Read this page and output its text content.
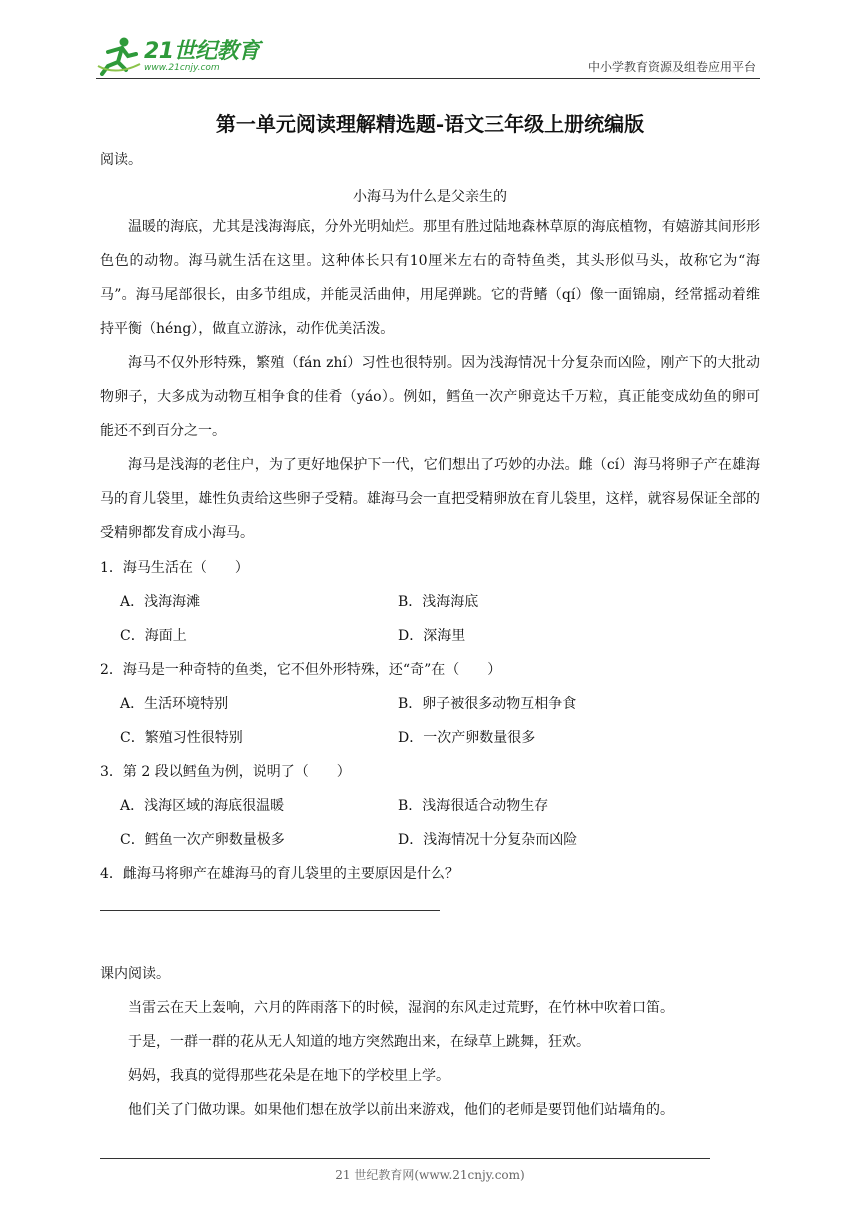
21世纪教育
www.21cnjy.com	中小学教育资源及组卷应用平台
第一单元阅读理解精选题-语文三年级上册统编版
阅读。
小海马为什么是父亲生的
温暖的海底，尤其是浅海海底，分外光明灿烂。那里有胜过陆地森林草原的海底植物，有嬉游其间形形色色的动物。海马就生活在这里。这种体长只有10厘米左右的奇特鱼类，其头形似马头，故称它为“海马”。海马尾部很长，由多节组成，并能灵活曲伸，用尾弹跳。它的背鳍（qí）像一面锦扇，经常摇动着维持平衡（héng），做直立游泳，动作优美活泼。
海马不仅外形特殊，繁殖（fán zhí）习性也很特别。因为浅海情况十分复杂而凶险，刚产下的大批动物卵子，大多成为动物互相争食的佳肴（yáo）。例如，鳕鱼一次产卵竟达千万粒，真正能变成幼鱼的卵可能还不到百分之一。
海马是浅海的老住户，为了更好地保护下一代，它们想出了巧妙的办法。雌（cí）海马将卵子产在雄海马的育儿袋里，雄性负责给这些卵子受精。雄海马会一直把受精卵放在育儿袋里，这样，就容易保证全部的受精卵都发育成小海马。
1．海马生活在（　　）
A．浅海海滩	B．浅海海底
C．海面上	D．深海里
2．海马是一种奇特的鱼类，它不但外形特殊，还“奇”在（　　）
A．生活环境特别	B．卵子被很多动物互相争食
C．繁殖习性很特别	D．一次产卵数量很多
3．第 2 段以鳕鱼为例，说明了（　　）
A．浅海区域的海底很温暖	B．浅海很适合动物生存
C．鳕鱼一次产卵数量极多	D．浅海情况十分复杂而凶险
4．雌海马将卵产在雄海马的育儿袋里的主要原因是什么？
课内阅读。
当雷云在天上轰响，六月的阵雨落下的时候，湿润的东风走过荒野，在竹林中吹着口笛。
于是，一群一群的花从无人知道的地方突然跑出来，在绿草上跳舞，狂欢。
妈妈，我真的觉得那些花朵是在地下的学校里上学。
他们关了门做功课。如果他们想在放学以前出来游戏，他们的老师是要罚他们站墙角的。
21 世纪教育网(www.21cnjy.com)
